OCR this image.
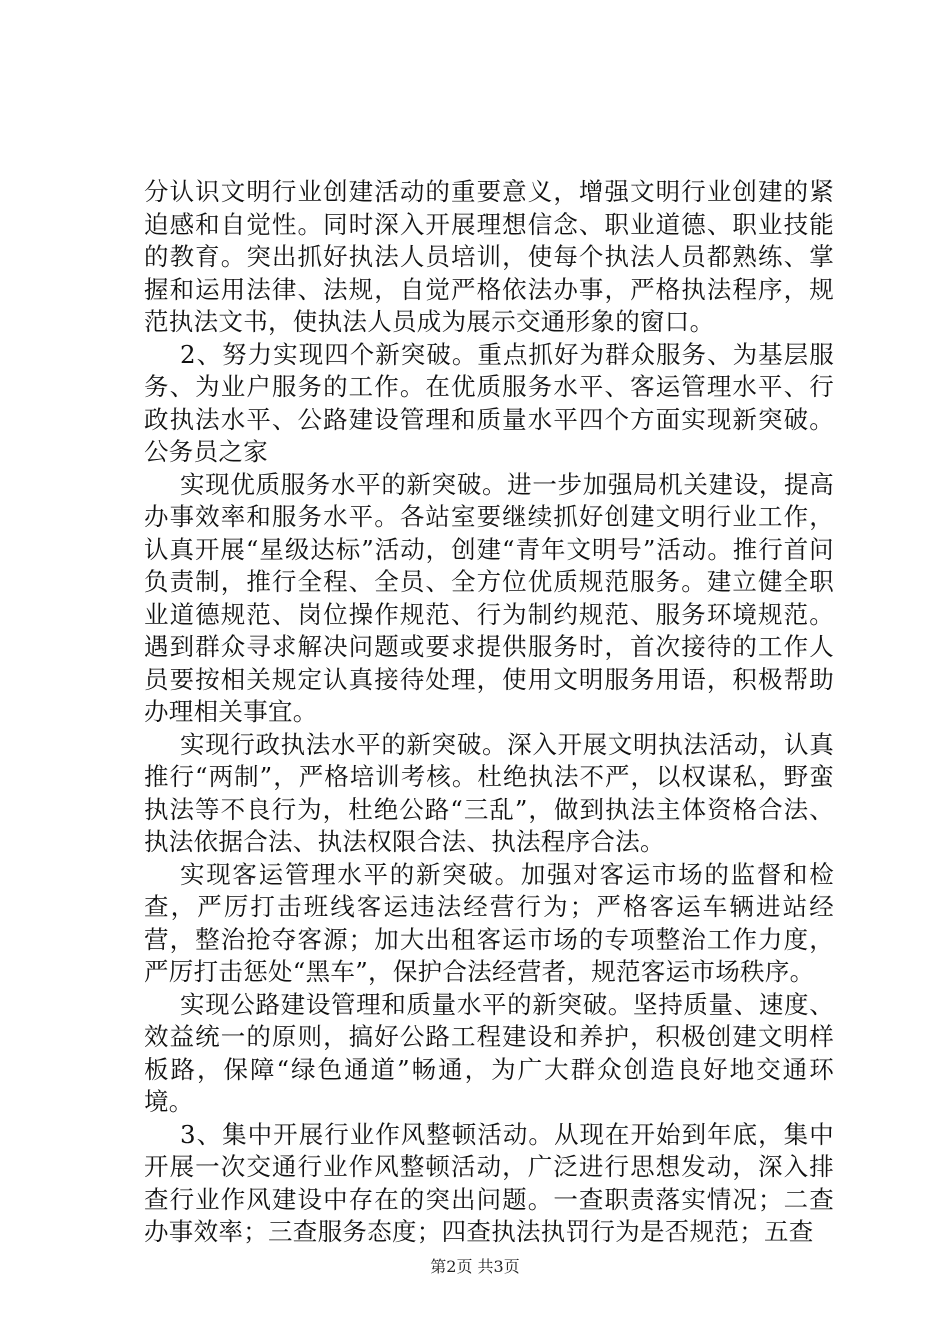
分认识文明行业创建活动的重要意义，增强文明行业创建的紧迫感和自觉性。同时深入开展理想信念、职业道德、职业技能的教育。突出抓好执法人员培训，使每个执法人员都熟练、掌握和运用法律、法规，自觉严格依法办事，严格执法程序，规范执法文书，使执法人员成为展示交通形象的窗口。

2、努力实现四个新突破。重点抓好为群众服务、为基层服务、为业户服务的工作。在优质服务水平、客运管理水平、行政执法水平、公路建设管理和质量水平四个方面实现新突破。公务员之家

实现优质服务水平的新突破。进一步加强局机关建设，提高办事效率和服务水平。各站室要继续抓好创建文明行业工作，认真开展“星级达标”活动，创建“青年文明号”活动。推行首问负责制，推行全程、全员、全方位优质规范服务。建立健全职业道德规范、岗位操作规范、行为制约规范、服务环境规范。遇到群众寻求解决问题或要求提供服务时，首次接待的工作人员要按相关规定认真接待处理，使用文明服务用语，积极帮助办理相关事宜。

实现行政执法水平的新突破。深入开展文明执法活动，认真推行“两制”，严格培训考核。杜绝执法不严，以权谋私，野蛮执法等不良行为，杜绝公路“三乱”，做到执法主体资格合法、执法依据合法、执法权限合法、执法程序合法。

实现客运管理水平的新突破。加强对客运市场的监督和检查，严厉打击班线客运违法经营行为；严格客运车辆进站经营，整治抢夺客源；加大出租客运市场的专项整治工作力度，严厉打击惩处“黑车”，保护合法经营者，规范客运市场秩序。

实现公路建设管理和质量水平的新突破。坚持质量、速度、效益统一的原则，搞好公路工程建设和养护，积极创建文明样板路，保障“绿色通道”畅通，为广大群众创造良好地交通环境。

3、集中开展行业作风整顿活动。从现在开始到年底，集中开展一次交通行业作风整顿活动，广泛进行思想发动，深入排查行业作风建设中存在的突出问题。一查职责落实情况；二查办事效率；三查服务态度；四查执法执罚行为是否规范；五查

第2页 共3页
